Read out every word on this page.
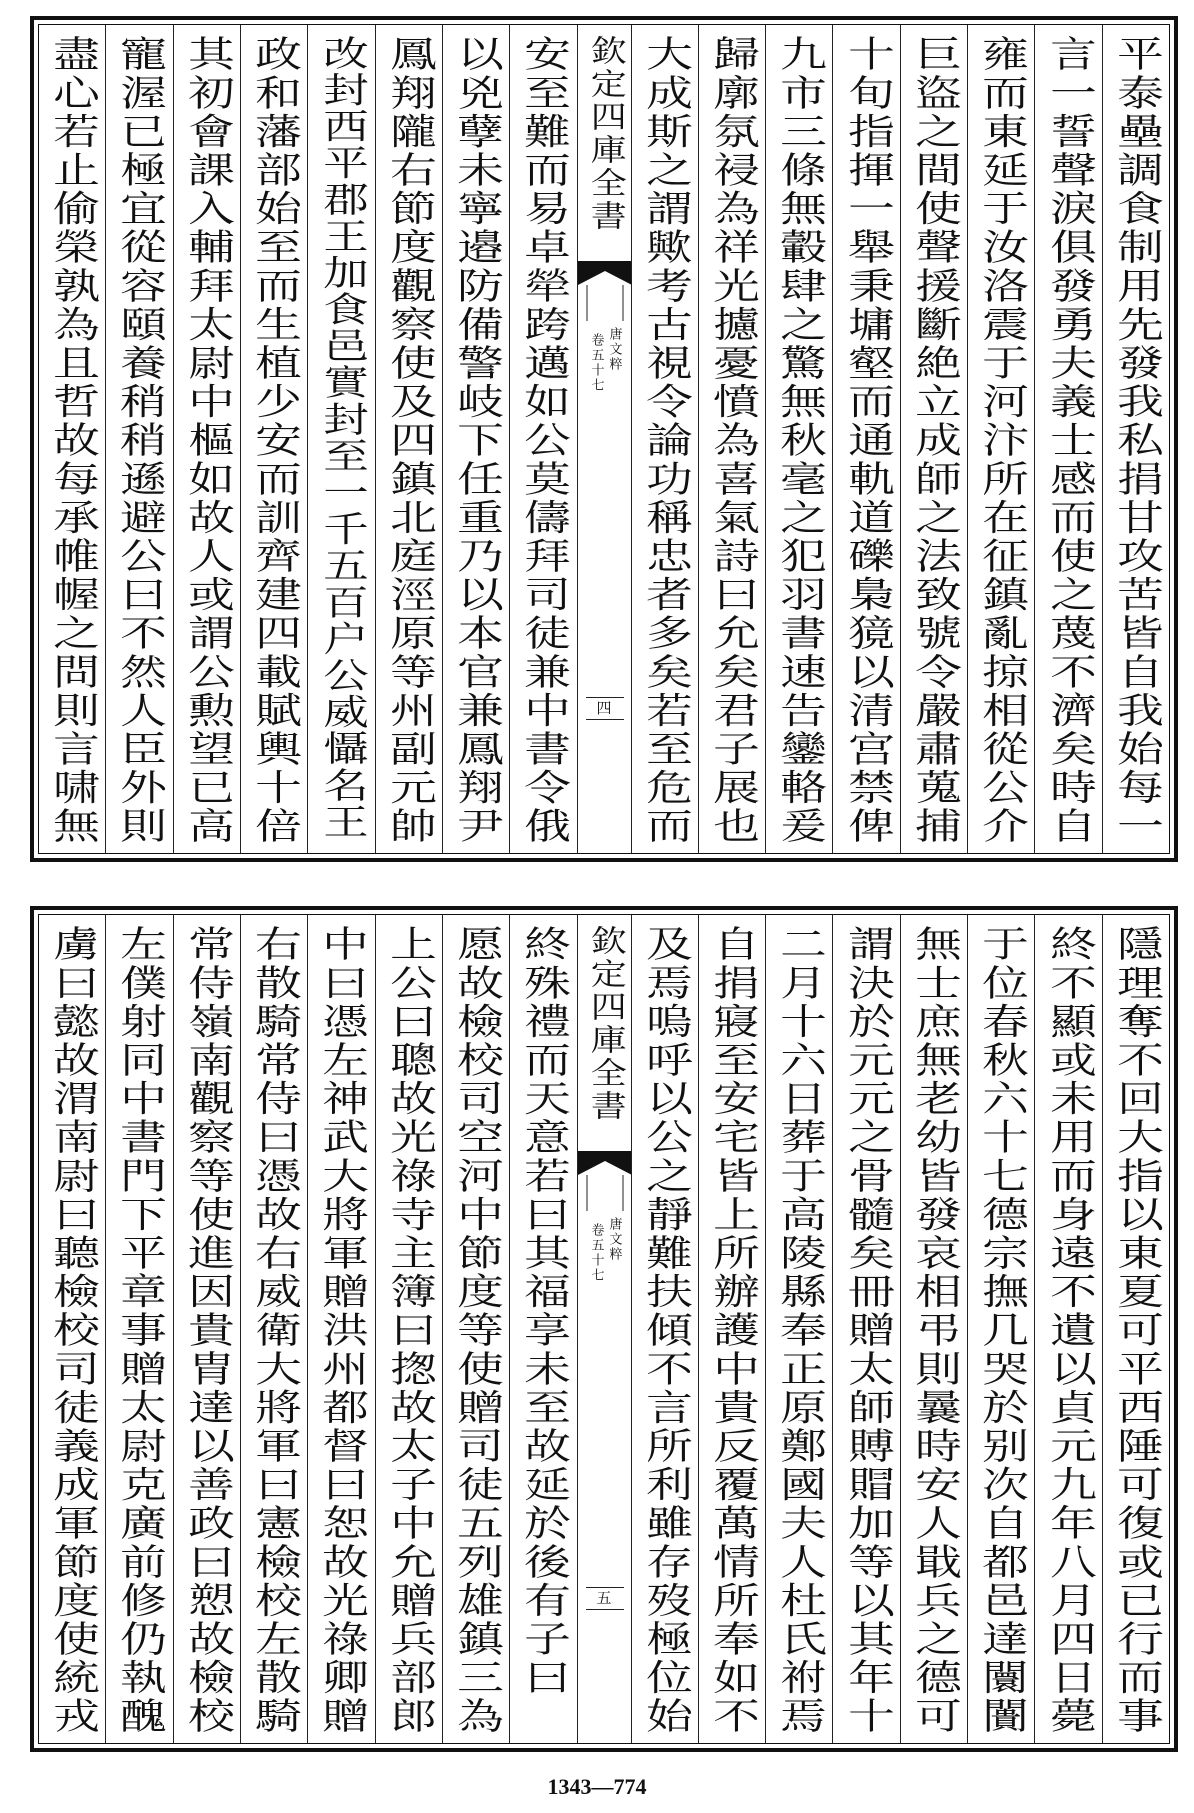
平泰壘調食制用先發我私捐甘攻苦皆自我始每一
言一誓聲淚俱發勇夫義士感而使之蔑不濟矣時自
雍而東延于汝洛震于河汴所在征鎮亂掠相從公介
巨盜之間使聲援斷絶立成師之法致號令嚴肅蒐捕
十旬指揮一舉秉墉壑而通軌道礫梟獍以清宫禁俾
九市三條無轂肆之驚無秋毫之犯羽書速告鑾輅爰
歸廓氛祲為祥光攄憂憤為喜氣詩曰允矣君子展也
大成斯之謂歟考古視令論功稱忠者多矣若至危而
欽定四庫全書
唐文粹
卷五十七
四
安至難而易卓犖跨邁如公莫儔拜司徒兼中書令俄
以兇孽未寧邉防備警岐下任重乃以本官兼鳳翔尹
鳳翔隴右節度觀察使及四鎮北庭涇原等州副元帥
改封西平郡王加食邑實封至一千五百户公威懾名王
政和藩部始至而生植少安而訓齊建四載賦輿十倍
其初會課入輔拜太尉中樞如故人或謂公勲望已高
寵渥已極宜從容頤養稍稍遜避公曰不然人臣外則
盡心若止偷榮孰為且哲故每承帷幄之問則言啸無
隱理奪不回大指以東夏可平西陲可復或已行而事
終不顯或未用而身遠不遺以貞元九年八月四日薨
于位春秋六十七德宗撫几哭於别次自都邑達闤闠
無士庶無老幼皆發哀相弔則曩時安人戢兵之德可
謂決於元元之骨髓矣冊贈太師賻賵加等以其年十
二月十六日葬于高陵縣奉正原鄭國夫人杜氏祔焉
自捐寢至安宅皆上所辦護中貴反覆萬情所奉如不
及焉嗚呼以公之靜難扶傾不言所利雖存歿極位始
欽定四庫全書
唐文粹
卷五十七
五
終殊禮而天意若曰其福享未至故延於後有子曰
愿故檢校司空河中節度等使贈司徒五列雄鎮三為
上公曰聰故光祿寺主簿曰揔故太子中允贈兵部郎
中曰憑左神武大將軍贈洪州都督曰恕故光祿卿贈
右散騎常侍曰憑故右威衛大將軍曰憲檢校左散騎
常侍嶺南觀察等使進因貴胄達以善政曰愬故檢校
左僕射同中書門下平章事贈太尉克廣前修仍執醜
虜曰懿故渭南尉曰聽檢校司徒義成軍節度使統戎
1343—774
